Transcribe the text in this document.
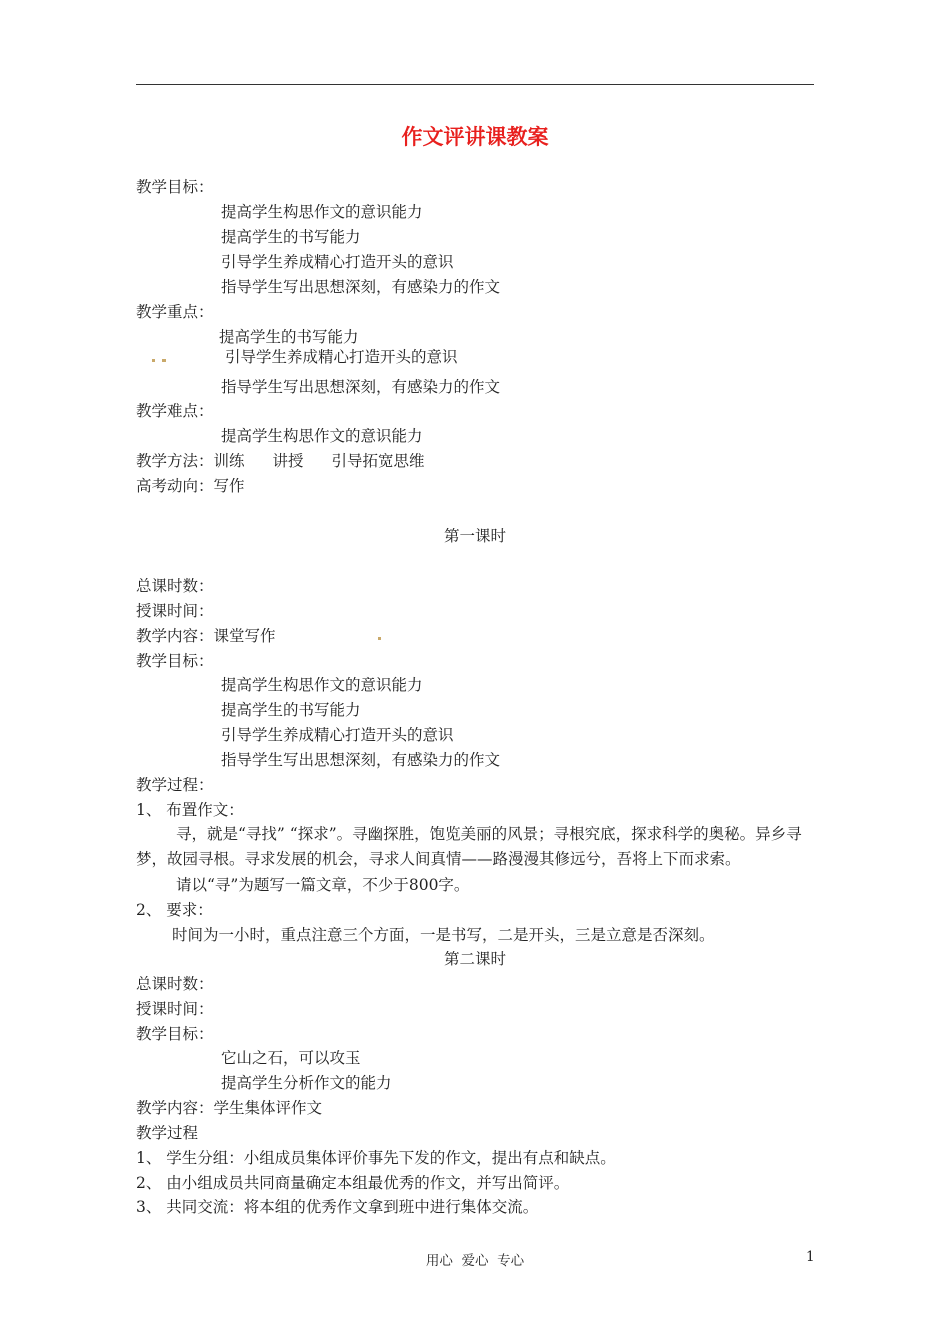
作文评讲课教案
教学目标：
提高学生构思作文的意识能力
提高学生的书写能力
引导学生养成精心打造开头的意识
指导学生写出思想深刻，有感染力的作文
教学重点：
提高学生的书写能力
引导学生养成精心打造开头的意识
指导学生写出思想深刻，有感染力的作文
教学难点：
提高学生构思作文的意识能力
教学方法：训练 讲授 引导拓宽思维
高考动向：写作
第一课时
总课时数：
授课时间：
教学内容：课堂写作
教学目标：
提高学生构思作文的意识能力
提高学生的书写能力
引导学生养成精心打造开头的意识
指导学生写出思想深刻，有感染力的作文
教学过程：
1、 布置作文：
寻，就是“寻找” “探求”。寻幽探胜，饱览美丽的风景；寻根究底，探求科学的奥秘。异乡寻梦，故园寻根。寻求发展的机会，寻求人间真情——路漫漫其修远兮，吾将上下而求索。
请以“寻”为题写一篇文章，不少于800字。
2、 要求：
时间为一小时，重点注意三个方面，一是书写，二是开头，三是立意是否深刻。
第二课时
总课时数：
授课时间：
教学目标：
它山之石，可以攻玉
提高学生分析作文的能力
教学内容：学生集体评作文
教学过程
1、 学生分组：小组成员集体评价事先下发的作文，提出有点和缺点。
2、 由小组成员共同商量确定本组最优秀的作文，并写出简评。
3、 共同交流：将本组的优秀作文拿到班中进行集体交流。
用心  爱心  专心	1
